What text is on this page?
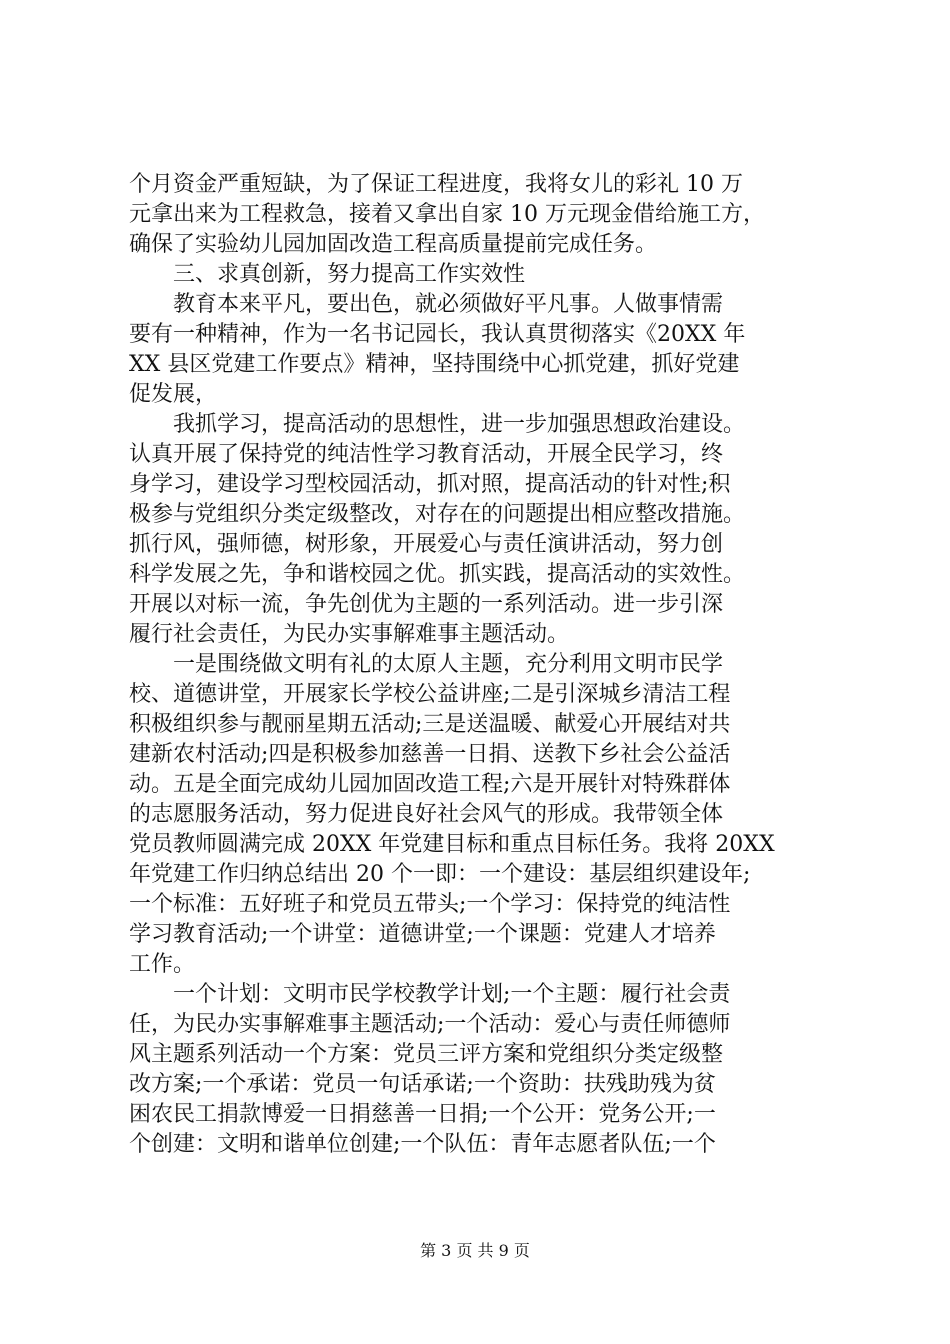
个月资金严重短缺，为了保证工程进度，我将女儿的彩礼 10 万
元拿出来为工程救急，接着又拿出自家 10 万元现金借给施工方，
确保了实验幼儿园加固改造工程高质量提前完成任务。
　　三、求真创新，努力提高工作实效性
　　教育本来平凡，要出色，就必须做好平凡事。人做事情需
要有一种精神，作为一名书记园长，我认真贯彻落实《20XX 年
XX 县区党建工作要点》精神，坚持围绕中心抓党建，抓好党建
促发展，
　　我抓学习，提高活动的思想性，进一步加强思想政治建设。
认真开展了保持党的纯洁性学习教育活动，开展全民学习，终
身学习，建设学习型校园活动，抓对照，提高活动的针对性;积
极参与党组织分类定级整改，对存在的问题提出相应整改措施。
抓行风，强师德，树形象，开展爱心与责任演讲活动，努力创
科学发展之先，争和谐校园之优。抓实践，提高活动的实效性。
开展以对标一流，争先创优为主题的一系列活动。进一步引深
履行社会责任，为民办实事解难事主题活动。
　　一是围绕做文明有礼的太原人主题，充分利用文明市民学
校、道德讲堂，开展家长学校公益讲座;二是引深城乡清洁工程
积极组织参与靓丽星期五活动;三是送温暖、献爱心开展结对共
建新农村活动;四是积极参加慈善一日捐、送教下乡社会公益活
动。五是全面完成幼儿园加固改造工程;六是开展针对特殊群体
的志愿服务活动，努力促进良好社会风气的形成。我带领全体
党员教师圆满完成 20XX 年党建目标和重点目标任务。我将 20XX
年党建工作归纳总结出 20 个一即：一个建设：基层组织建设年;
一个标准：五好班子和党员五带头;一个学习：保持党的纯洁性
学习教育活动;一个讲堂：道德讲堂;一个课题：党建人才培养
工作。
　　一个计划：文明市民学校教学计划;一个主题：履行社会责
任，为民办实事解难事主题活动;一个活动：爱心与责任师德师
风主题系列活动一个方案：党员三评方案和党组织分类定级整
改方案;一个承诺：党员一句话承诺;一个资助：扶残助残为贫
困农民工捐款博爱一日捐慈善一日捐;一个公开：党务公开;一
个创建：文明和谐单位创建;一个队伍：青年志愿者队伍;一个
第 3 页 共 9 页
